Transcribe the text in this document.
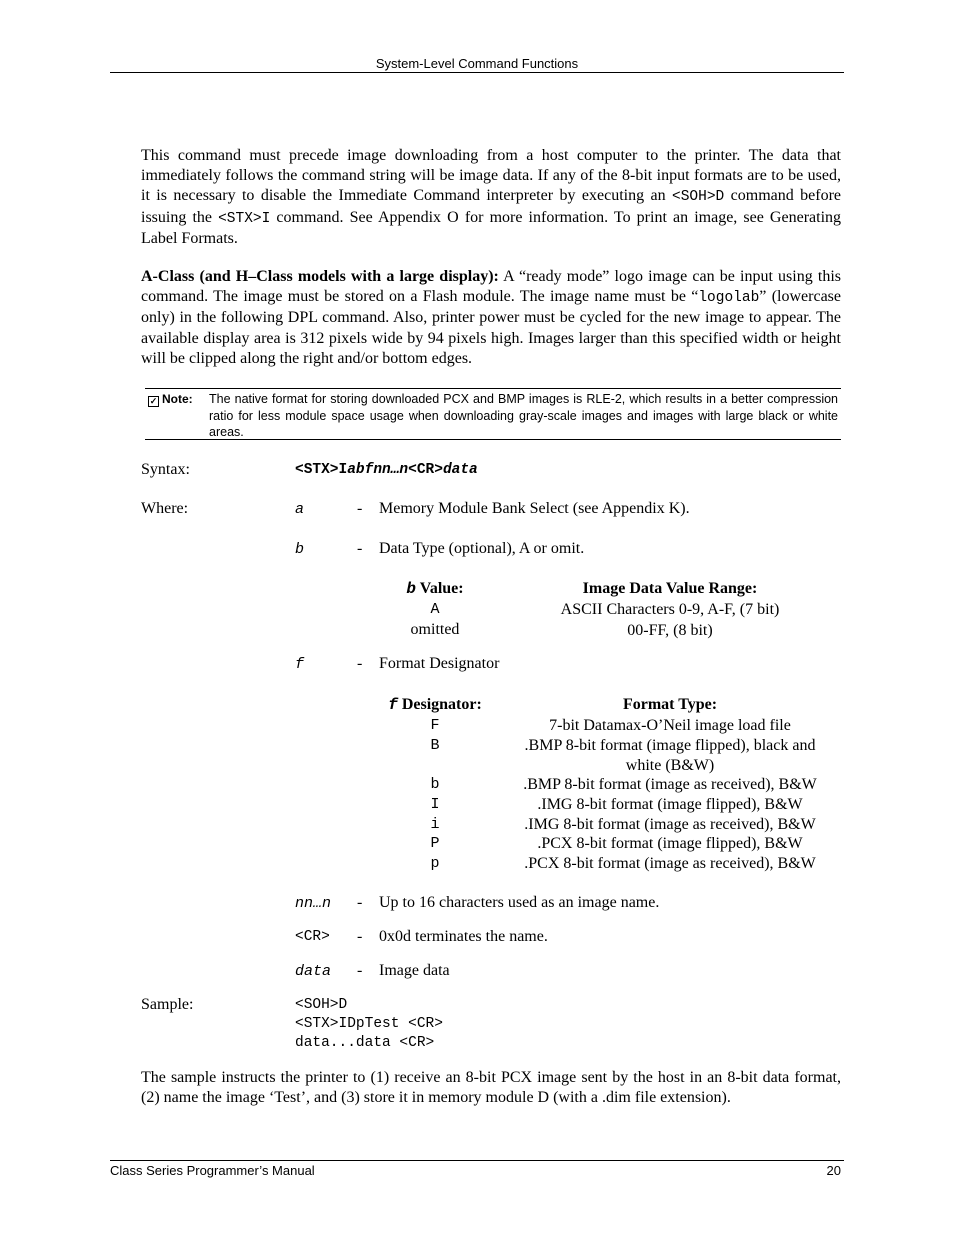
System-Level Command Functions
This command must precede image downloading from a host computer to the printer. The data that immediately follows the command string will be image data. If any of the 8-bit input formats are to be used, it is necessary to disable the Immediate Command interpreter by executing an <SOH>D command before issuing the <STX>I command. See Appendix O for more information. To print an image, see Generating Label Formats.
A-Class (and H–Class models with a large display): A “ready mode” logo image can be input using this command. The image must be stored on a Flash module. The image name must be “logolab” (lowercase only) in the following DPL command. Also, printer power must be cycled for the new image to appear. The available display area is 312 pixels wide by 94 pixels high. Images larger than this specified width or height will be clipped along the right and/or bottom edges.
✓ Note: The native format for storing downloaded PCX and BMP images is RLE-2, which results in a better compression ratio for less module space usage when downloading gray-scale images and images with large black or white areas.
Syntax:	<STX>Iabfnn…n<CR>data
Where:	a	- Memory Module Bank Select (see Appendix K).
b	- Data Type (optional), A or omit.
b Value:	Image Data Value Range:
A	ASCII Characters 0-9, A-F, (7 bit)
omitted	00-FF, (8 bit)
f	- Format Designator
f Designator:	Format Type:
F	7-bit Datamax-O’Neil image load file
B	.BMP 8-bit format (image flipped), black and white (B&W)
b	.BMP 8-bit format (image as received), B&W
I	.IMG 8-bit format (image flipped), B&W
i	.IMG 8-bit format (image as received), B&W
P	.PCX 8-bit format (image flipped), B&W
p	.PCX 8-bit format (image as received), B&W
nn…n - Up to 16 characters used as an image name.
<CR> - 0x0d terminates the name.
data - Image data
Sample:	<SOH>D
<STX>IDpTest <CR>
data...data <CR>
The sample instructs the printer to (1) receive an 8-bit PCX image sent by the host in an 8-bit data format, (2) name the image ‘Test’, and (3) store it in memory module D (with a .dim file extension).
Class Series Programmer’s Manual	20
